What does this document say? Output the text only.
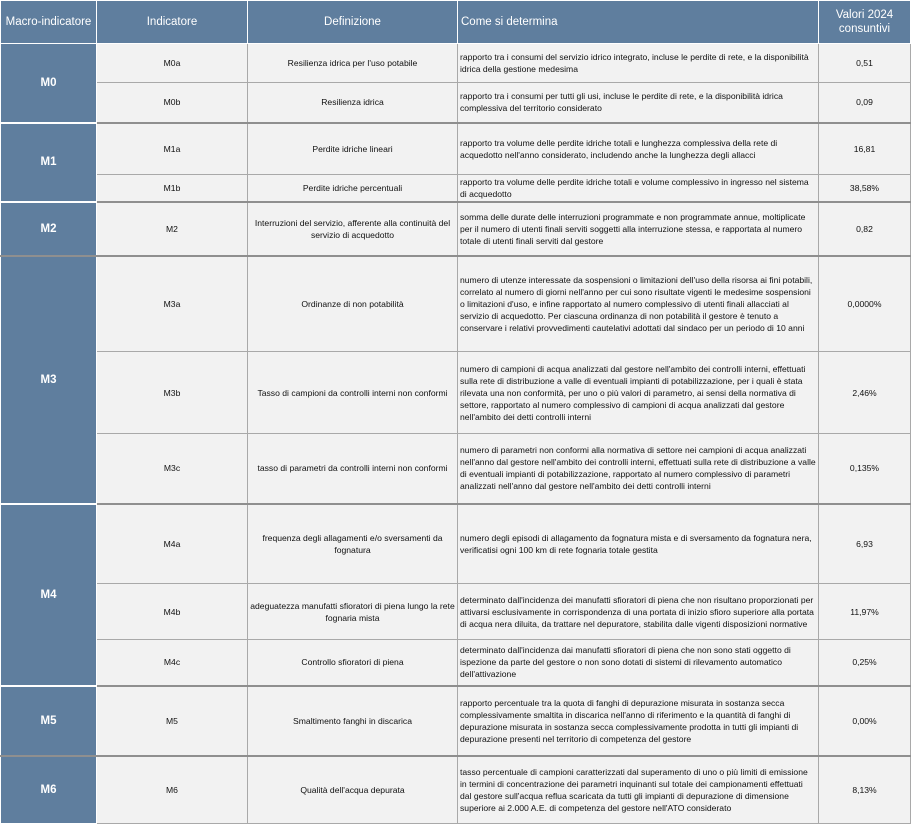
Macro-indicatore	Indicatore	Definizione	Come si determina	Valori 2024
consuntivi
M0	M0a	Resilienza idrica per l'uso potabile	rapporto tra i consumi del servizio idrico integrato, incluse le perdite di rete, e la disponibilità idrica della gestione medesima	0,51
	M0b	Resilienza idrica	rapporto tra i consumi per tutti gli usi, incluse le perdite di rete, e la disponibilità idrica complessiva del territorio considerato	0,09
M1	M1a	Perdite idriche lineari	rapporto tra volume delle perdite idriche totali e lunghezza complessiva della rete di acquedotto nell'anno considerato, includendo anche la lunghezza degli allacci	16,81
	M1b	Perdite idriche percentuali	rapporto tra volume delle perdite idriche totali e volume complessivo in ingresso nel sistema di acquedotto	38,58%
M2	M2	Interruzioni del servizio, afferente alla continuità del servizio di acquedotto	somma delle durate delle interruzioni programmate e non programmate annue, moltiplicate per il numero di utenti finali serviti soggetti alla interruzione stessa, e rapportata al numero totale di utenti finali serviti dal gestore	0,82
M3	M3a	Ordinanze di non potabilità	numero di utenze interessate da sospensioni o limitazioni dell'uso della risorsa ai fini potabili, correlato al numero di giorni nell'anno per cui sono risultate vigenti le medesime sospensioni o limitazioni d'uso, e infine rapportato al numero complessivo di utenti finali allacciati al servizio di acquedotto. Per ciascuna ordinanza di non potabilità il gestore è tenuto a conservare i relativi provvedimenti cautelativi adottati dal sindaco per un periodo di 10 anni	0,0000%
	M3b	Tasso di campioni da controlli interni non conformi	numero di campioni di acqua analizzati dal gestore nell'ambito dei controlli interni, effettuati sulla rete di distribuzione a valle di eventuali impianti di potabilizzazione, per i quali è stata rilevata una non conformità, per uno o più valori di parametro, ai sensi della normativa di settore, rapportato al numero complessivo di campioni di acqua analizzati dal gestore nell'ambito dei detti controlli interni	2,46%
	M3c	tasso di parametri da controlli interni non conformi	numero di parametri non conformi alla normativa di settore nei campioni di acqua analizzati nell'anno dal gestore nell'ambito dei controlli interni, effettuati sulla rete di distribuzione a valle di eventuali impianti di potabilizzazione, rapportato al numero complessivo di parametri analizzati nell'anno dal gestore nell'ambito dei detti controlli interni	0,135%
M4	M4a	frequenza degli allagamenti e/o sversamenti da fognatura	numero degli episodi di allagamento da fognatura mista e di sversamento da fognatura nera, verificatisi ogni 100 km di rete fognaria totale gestita	6,93
	M4b	adeguatezza manufatti sfioratori di piena lungo la rete fognaria mista	determinato dall'incidenza dei manufatti sfioratori di piena che non risultano proporzionati per attivarsi esclusivamente in corrispondenza di una portata di inizio sfioro superiore alla portata di acqua nera diluita, da trattare nel depuratore, stabilita dalle vigenti disposizioni normative	11,97%
	M4c	Controllo sfioratori di piena	determinato dall'incidenza dai manufatti sfioratori di piena che non sono stati oggetto di ispezione da parte del gestore o non sono dotati di sistemi di rilevamento automatico dell'attivazione	0,25%
M5	M5	Smaltimento fanghi in discarica	rapporto percentuale tra la quota di fanghi di depurazione misurata in sostanza secca complessivamente smaltita in discarica nell'anno di riferimento e la quantità di fanghi di depurazione misurata in sostanza secca complessivamente prodotta in tutti gli impianti di depurazione presenti nel territorio di competenza del gestore	0,00%
M6	M6	Qualità dell'acqua depurata	tasso percentuale di campioni caratterizzati dal superamento di uno o più limiti di emissione in termini di concentrazione dei parametri inquinanti sul totale dei campionamenti effettuati dal gestore sull'acqua reflua scaricata da tutti gli impianti di depurazione di dimensione superiore ai 2.000 A.E. di competenza del gestore nell'ATO considerato	8,13%
